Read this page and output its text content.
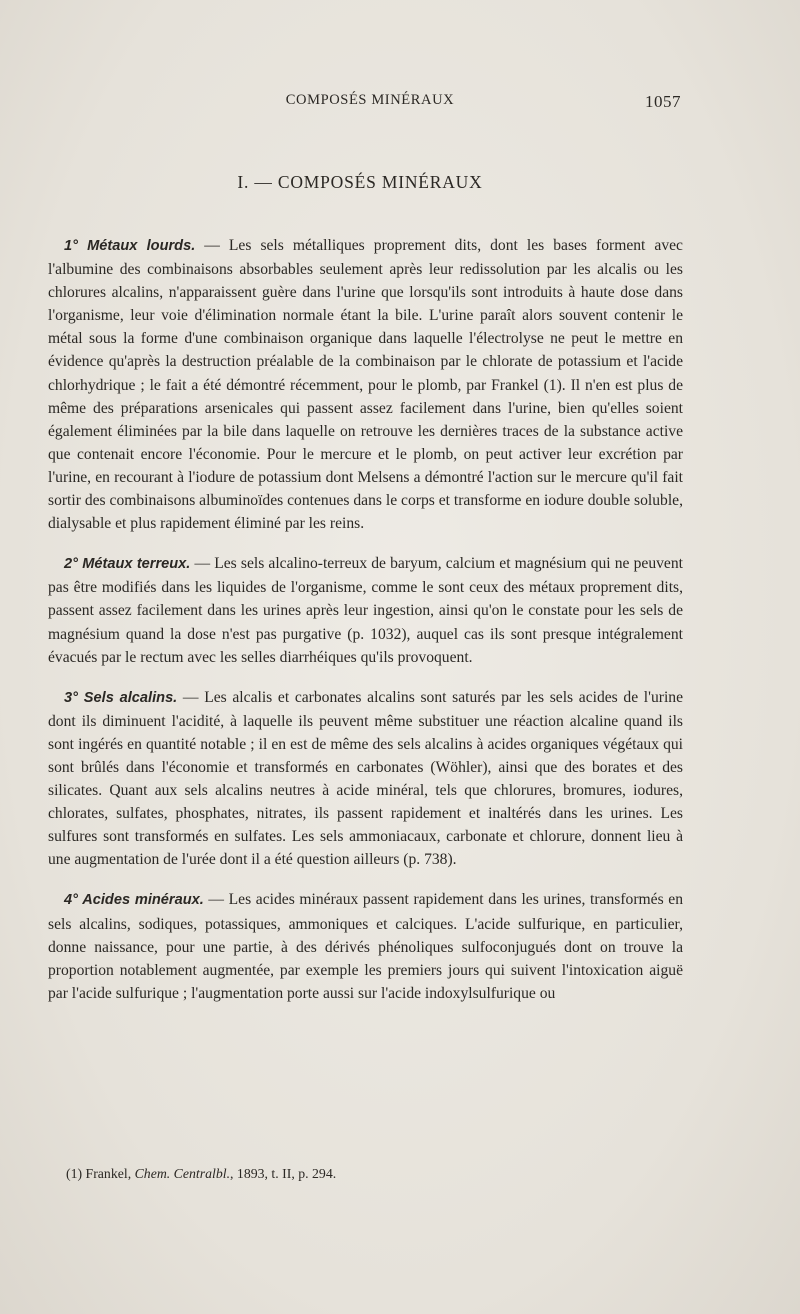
COMPOSÉS MINÉRAUX	1057
I. — COMPOSÉS MINÉRAUX

1° Métaux lourds. — Les sels métalliques proprement dits, dont les bases forment avec l'albumine des combinaisons absorbables seulement après leur redissolution par les alcalis ou les chlorures alcalins, n'apparaissent guère dans l'urine que lorsqu'ils sont introduits à haute dose dans l'organisme, leur voie d'élimination normale étant la bile. L'urine paraît alors souvent contenir le métal sous la forme d'une combinaison organique dans laquelle l'électrolyse ne peut le mettre en évidence qu'après la destruction préalable de la combinaison par le chlorate de potassium et l'acide chlorhydrique ; le fait a été démontré récemment, pour le plomb, par Frankel (1). Il n'en est plus de même des préparations arsenicales qui passent assez facilement dans l'urine, bien qu'elles soient également éliminées par la bile dans laquelle on retrouve les dernières traces de la substance active que contenait encore l'économie. Pour le mercure et le plomb, on peut activer leur excrétion par l'urine, en recourant à l'iodure de potassium dont Melsens a démontré l'action sur le mercure qu'il fait sortir des combinaisons albuminoïdes contenues dans le corps et transforme en iodure double soluble, dialysable et plus rapidement éliminé par les reins.

2° Métaux terreux. — Les sels alcalino-terreux de baryum, calcium et magnésium qui ne peuvent pas être modifiés dans les liquides de l'organisme, comme le sont ceux des métaux proprement dits, passent assez facilement dans les urines après leur ingestion, ainsi qu'on le constate pour les sels de magnésium quand la dose n'est pas purgative (p. 1032), auquel cas ils sont presque intégralement évacués par le rectum avec les selles diarrhéiques qu'ils provoquent.

3° Sels alcalins. — Les alcalis et carbonates alcalins sont saturés par les sels acides de l'urine dont ils diminuent l'acidité, à laquelle ils peuvent même substituer une réaction alcaline quand ils sont ingérés en quantité notable ; il en est de même des sels alcalins à acides organiques végétaux qui sont brûlés dans l'économie et transformés en carbonates (Wöhler), ainsi que des borates et des silicates. Quant aux sels alcalins neutres à acide minéral, tels que chlorures, bromures, iodures, chlorates, sulfates, phosphates, nitrates, ils passent rapidement et inaltérés dans les urines. Les sulfures sont transformés en sulfates. Les sels ammoniacaux, carbonate et chlorure, donnent lieu à une augmentation de l'urée dont il a été question ailleurs (p. 738).

4° Acides minéraux. — Les acides minéraux passent rapidement dans les urines, transformés en sels alcalins, sodiques, potassiques, ammoniques et calciques. L'acide sulfurique, en particulier, donne naissance, pour une partie, à des dérivés phénoliques sulfoconjugués dont on trouve la proportion notablement augmentée, par exemple les premiers jours qui suivent l'intoxication aiguë par l'acide sulfurique ; l'augmentation porte aussi sur l'acide indoxylsulfurique ou

(1) Frankel, Chem. Centralbl., 1893, t. II, p. 294.
